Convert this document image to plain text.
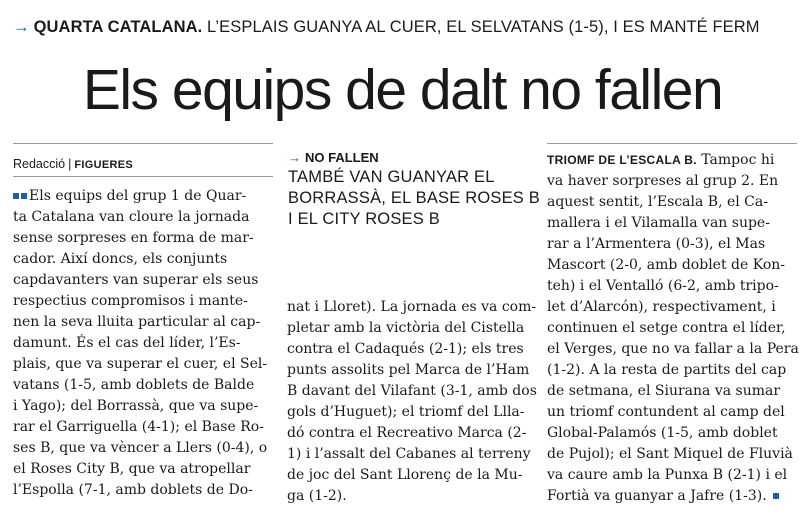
→ QUARTA CATALANA. L’ESPLAIS GUANYA AL CUER, EL SELVATANS (1-5), I ES MANTÉ FERM
Els equips de dalt no fallen
Redacció | FIGUERES	→ NO FALLEN
TAMBÉ VAN GUANYAR EL
BORRASSÀ, EL BASE ROSES B
I EL CITY ROSES B
Els equips del grup 1 de Quar-
ta Catalana van cloure la jornada
sense sorpreses en forma de mar-
cador. Així doncs, els conjunts
capdavanters van superar els seus
respectius compromisos i mante-
nen la seva lluita particular al cap-
damunt. És el cas del líder, l’Es-
plais, que va superar el cuer, el Sel-
vatans (1-5, amb doblets de Balde
i Yago); del Borrassà, que va supe-
rar el Garriguella (4-1); el Base Ro-
ses B, que va vèncer a Llers (0-4), o
el Roses City B, que va atropellar
l’Espolla (7-1, amb doblets de Do-
nat i Lloret). La jornada es va com-
pletar amb la victòria del Cistella
contra el Cadaqués (2-1); els tres
punts assolits pel Marca de l’Ham
B davant del Vilafant (3-1, amb dos
gols d’Huguet); el triomf del Llla-
dó contra el Recreativo Marca (2-
1) i l’assalt del Cabanes al terreny
de joc del Sant Llorenç de la Mu-
ga (1-2).
TRIOMF DE L’ESCALA B. Tampoc hi
va haver sorpreses al grup 2. En
aquest sentit, l’Escala B, el Ca-
mallera i el Vilamalla van supe-
rar a l’Armentera (0-3), el Mas
Mascort (2-0, amb doblet de Kon-
teh) i el Ventalló (6-2, amb tripo-
let d’Alarcón), respectivament, i
continuen el setge contra el líder,
el Verges, que no va fallar a la Pera
(1-2). A la resta de partits del cap
de setmana, el Siurana va sumar
un triomf contundent al camp del
Global-Palamós (1-5, amb doblet
de Pujol); el Sant Miquel de Fluvià
va caure amb la Punxa B (2-1) i el
Fortià va guanyar a Jafre (1-3).
